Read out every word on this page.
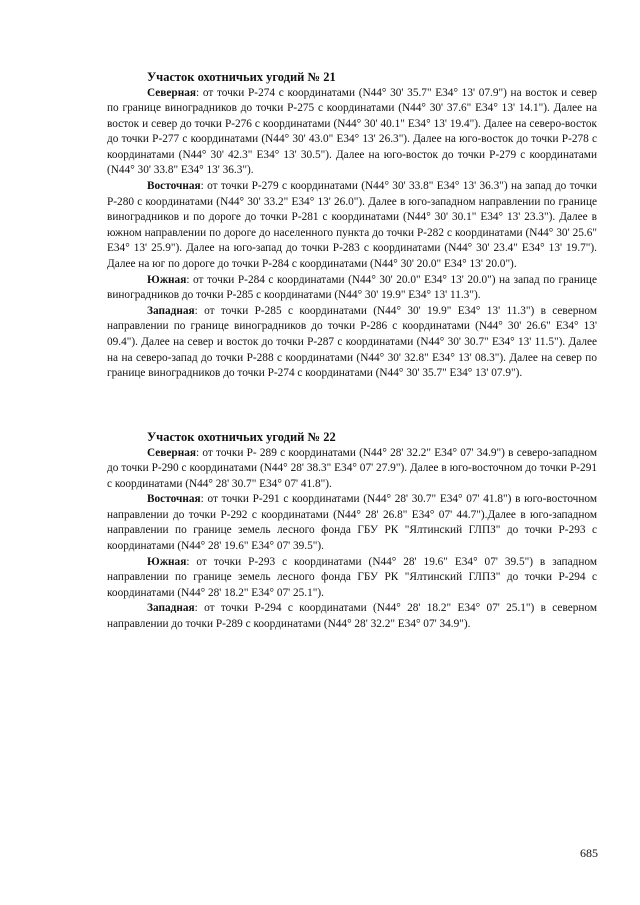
Участок охотничьих угодий № 21

Северная: от точки Р-274 с координатами (N44° 30' 35.7" E34° 13' 07.9") на восток и север по границе виноградников до точки Р-275 с координатами (N44° 30' 37.6" E34° 13' 14.1"). Далее на восток и север до точки Р-276 с координатами (N44° 30' 40.1" E34° 13' 19.4"). Далее на северо-восток до точки Р-277 с координатами (N44° 30' 43.0" E34° 13' 26.3"). Далее на юго-восток до точки Р-278 с координатами (N44° 30' 42.3" E34° 13' 30.5"). Далее на юго-восток до точки Р-279 с координатами (N44° 30' 33.8" E34° 13' 36.3").

Восточная: от точки Р-279 с координатами (N44° 30' 33.8" E34° 13' 36.3") на запад до точки Р-280 с координатами (N44° 30' 33.2" E34° 13' 26.0"). Далее в юго-западном направлении по границе виноградников и по дороге до точки Р-281 с координатами (N44° 30' 30.1" E34° 13' 23.3"). Далее в южном направлении по дороге до населенного пункта до точки Р-282 с координатами (N44° 30' 25.6" E34° 13' 25.9"). Далее на юго-запад до точки Р-283 с координатами (N44° 30' 23.4" E34° 13' 19.7"). Далее на юг по дороге до точки Р-284 с координатами (N44° 30' 20.0" E34° 13' 20.0").

Южная: от точки Р-284 с координатами (N44° 30' 20.0" E34° 13' 20.0") на запад по границе виноградников до точки Р-285 с координатами (N44° 30' 19.9" E34° 13' 11.3").

Западная: от точки Р-285 с координатами (N44° 30' 19.9" E34° 13' 11.3") в северном направлении по границе виноградников до точки Р-286 с координатами (N44° 30' 26.6" E34° 13' 09.4"). Далее на север и восток до точки Р-287 с координатами (N44° 30' 30.7" E34° 13' 11.5"). Далее на на северо-запад до точки Р-288 с координатами (N44° 30' 32.8" E34° 13' 08.3"). Далее на север по границе виноградников до точки Р-274 с координатами (N44° 30' 35.7" E34° 13' 07.9").

Участок охотничьих угодий № 22

Северная: от точки Р- 289 с координатами (N44° 28' 32.2" E34° 07' 34.9") в северо-западном до точки Р-290 с координатами (N44° 28' 38.3" E34° 07' 27.9"). Далее в юго-восточном до точки Р-291 с координатами (N44° 28' 30.7" E34° 07' 41.8").

Восточная: от точки Р-291 с координатами (N44° 28' 30.7" E34° 07' 41.8") в юго-восточном направлении до точки Р-292 с координатами (N44° 28' 26.8" E34° 07' 44.7").Далее в юго-западном направлении по границе земель лесного фонда ГБУ РК "Ялтинский ГЛПЗ" до точки Р-293 с координатами (N44° 28' 19.6" E34° 07' 39.5").

Южная: от точки Р-293 с координатами (N44° 28' 19.6" E34° 07' 39.5") в западном направлении по границе земель лесного фонда ГБУ РК "Ялтинский ГЛПЗ" до точки Р-294 с координатами (N44° 28' 18.2" E34° 07' 25.1").

Западная: от точки Р-294 с координатами (N44° 28' 18.2" E34° 07' 25.1") в северном направлении до точки Р-289 с координатами (N44° 28' 32.2" E34° 07' 34.9").

685
